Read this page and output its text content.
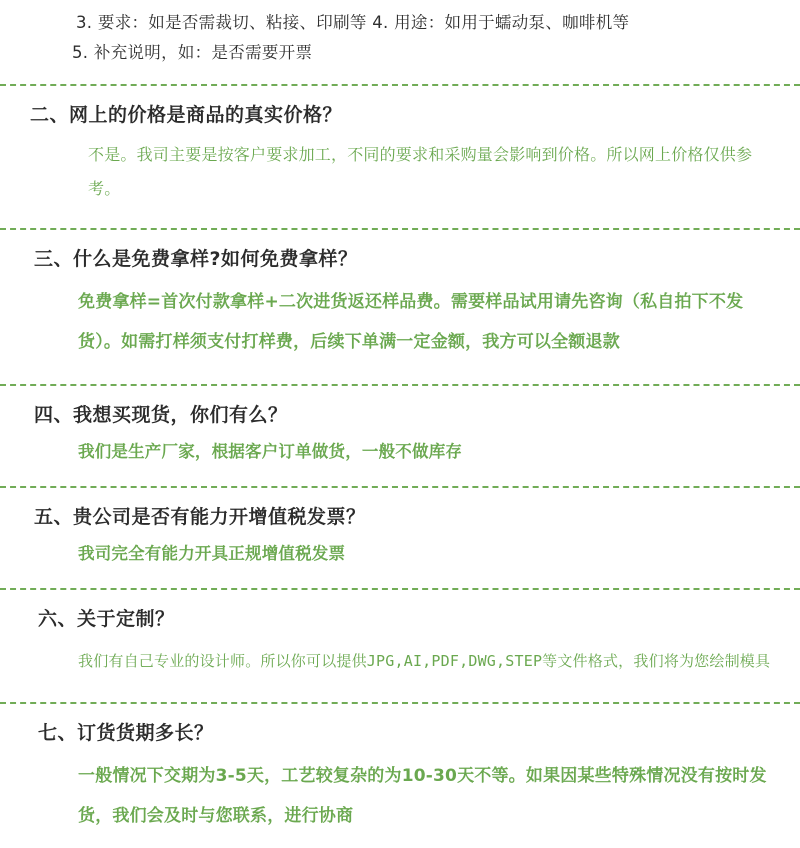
3. 要求：如是否需裁切、粘接、印刷等 4. 用途：如用于蠕动泵、咖啡机等
5. 补充说明，如：是否需要开票
二、网上的价格是商品的真实价格？
不是。我司主要是按客户要求加工，不同的要求和采购量会影响到价格。所以网上价格仅供参考。
三、什么是免费拿样?如何免费拿样？
免费拿样=首次付款拿样+二次进货返还样品费。需要样品试用请先咨询（私自拍下不发货）。如需打样须支付打样费，后续下单满一定金额，我方可以全额退款
四、我想买现货，你们有么？
我们是生产厂家，根据客户订单做货，一般不做库存
五、贵公司是否有能力开增值税发票？
我司完全有能力开具正规增值税发票
六、关于定制？
我们有自己专业的设计师。所以你可以提供JPG,AI,PDF,DWG,STEP等文件格式，我们将为您绘制模具
七、订货货期多长？
一般情况下交期为3-5天，工艺较复杂的为10-30天不等。如果因某些特殊情况没有按时发货，我们会及时与您联系，进行协商
